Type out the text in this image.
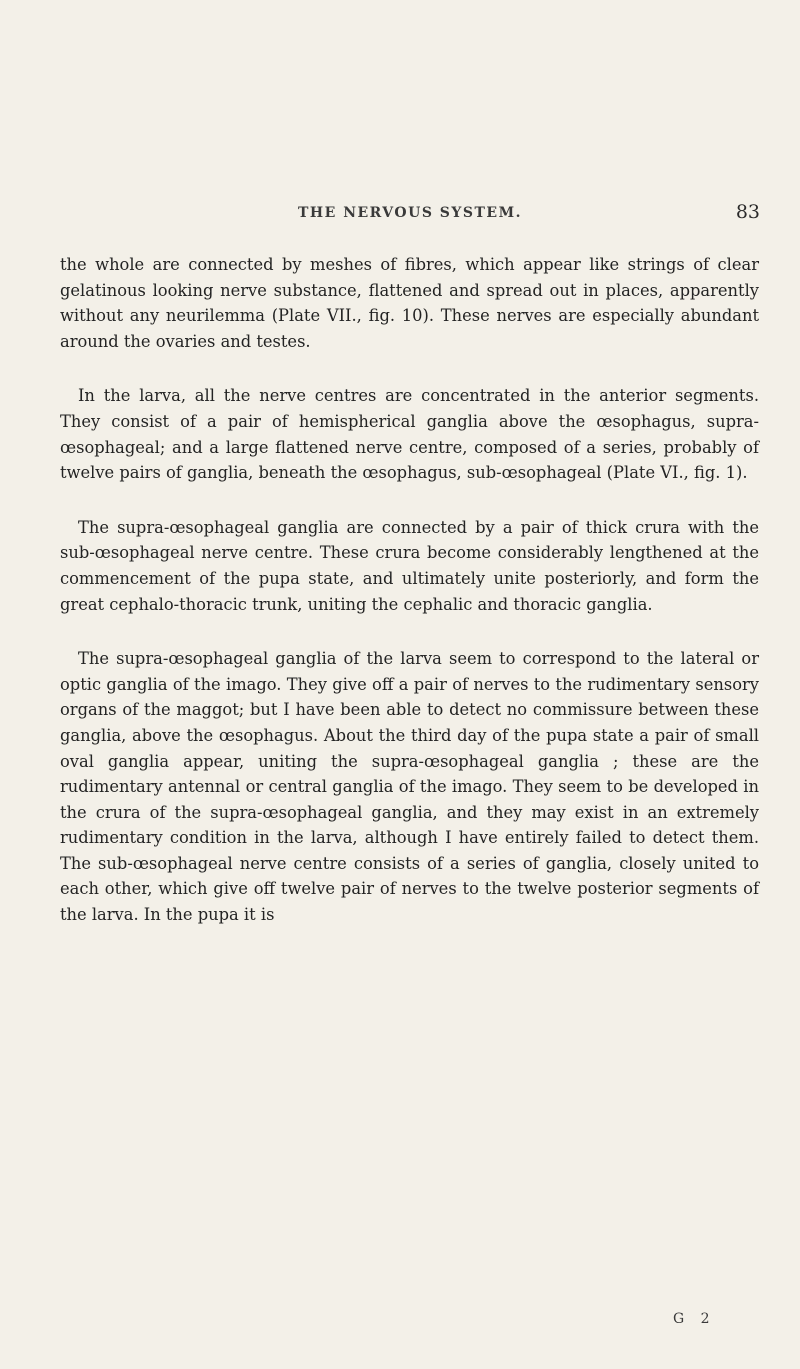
THE NERVOUS SYSTEM.	83

the whole are connected by meshes of fibres, which appear like strings of clear gelatinous looking nerve substance, flattened and spread out in places, apparently without any neurilemma (Plate VII., fig. 10). These nerves are especially abundant around the ovaries and testes.

In the larva, all the nerve centres are concentrated in the anterior segments. They consist of a pair of hemispherical ganglia above the œsophagus, supra-œsophageal; and a large flattened nerve centre, composed of a series, probably of twelve pairs of ganglia, beneath the œsophagus, sub-œsophageal (Plate VI., fig. 1).

The supra-œsophageal ganglia are connected by a pair of thick crura with the sub-œsophageal nerve centre. These crura become considerably lengthened at the commencement of the pupa state, and ultimately unite posteriorly, and form the great cephalo-thoracic trunk, uniting the cephalic and thoracic ganglia.

The supra-œsophageal ganglia of the larva seem to correspond to the lateral or optic ganglia of the imago. They give off a pair of nerves to the rudimentary sensory organs of the maggot; but I have been able to detect no commissure between these ganglia, above the œsophagus. About the third day of the pupa state a pair of small oval ganglia appear, uniting the supra-œsophageal ganglia ; these are the rudimentary antennal or central ganglia of the imago. They seem to be developed in the crura of the supra-œsophageal ganglia, and they may exist in an extremely rudimentary condition in the larva, although I have entirely failed to detect them. The sub-œsophageal nerve centre consists of a series of ganglia, closely united to each other, which give off twelve pair of nerves to the twelve posterior segments of the larva. In the pupa it is

G 2
